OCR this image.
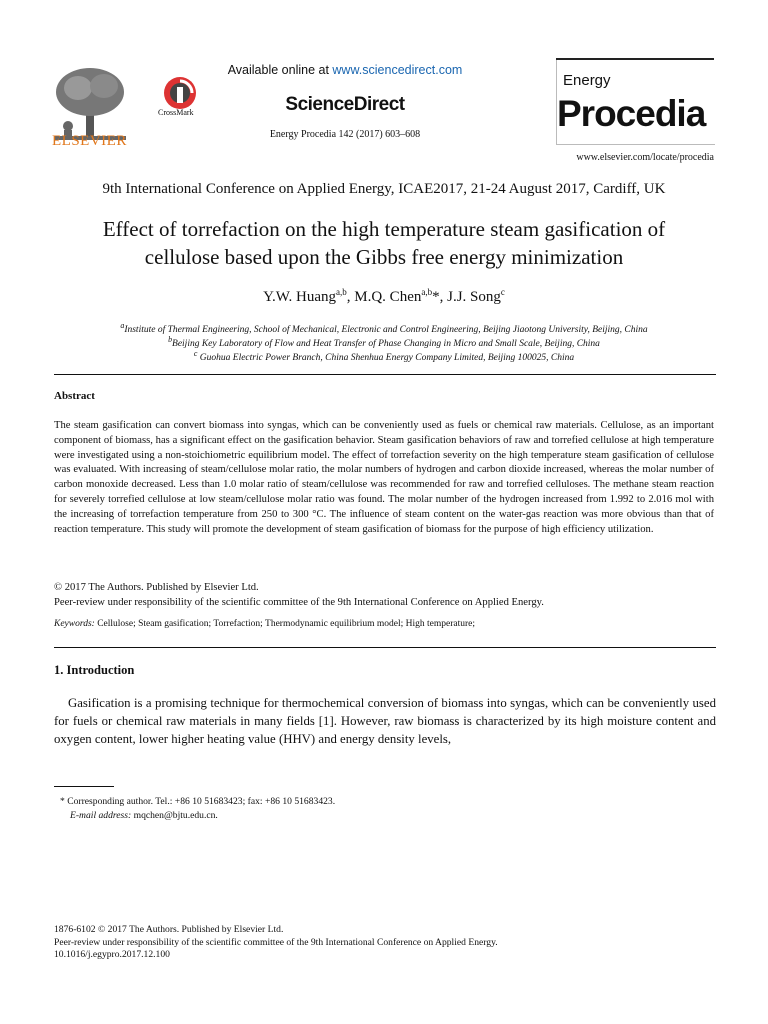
ELSEVIER
CrossMark
Available online at www.sciencedirect.com
ScienceDirect
Energy Procedia 142 (2017) 603–608
Energy
Procedia
www.elsevier.com/locate/procedia
9th International Conference on Applied Energy, ICAE2017, 21-24 August 2017, Cardiff, UK
Effect of torrefaction on the high temperature steam gasification of
cellulose based upon the Gibbs free energy minimization
Y.W. Huang$^{a,b}$, M.Q. Chen$^{a,b}$*, J.J. Song$^c$
$^a$Institute of Thermal Engineering, School of Mechanical, Electronic and Control Engineering, Beijing Jiaotong University, Beijing, China
$^b$Beijing Key Laboratory of Flow and Heat Transfer of Phase Changing in Micro and Small Scale, Beijing, China
$^c$ Guohua Electric Power Branch, China Shenhua Energy Company Limited, Beijing 100025, China
Abstract
The steam gasification can convert biomass into syngas, which can be conveniently used as fuels or chemical raw materials. Cellulose, as an important component of biomass, has a significant effect on the gasification behavior. Steam gasification behaviors of raw and torrefied cellulose at high temperature were investigated using a non-stoichiometric equilibrium model. The effect of torrefaction severity on the high temperature steam gasification of cellulose was evaluated. With increasing of steam/cellulose molar ratio, the molar numbers of hydrogen and carbon dioxide increased, whereas the molar number of carbon monoxide decreased. Less than 1.0 molar ratio of steam/cellulose was recommended for raw and torrefied celluloses. The methane steam reaction for severely torrefied cellulose at low steam/cellulose molar ratio was found. The molar number of the hydrogen increased from 1.992 to 2.016 mol with the increasing of torrefaction temperature from 250 to 300 °C. The influence of steam content on the water-gas reaction was more obvious than that of reaction temperature. This study will promote the development of steam gasification of biomass for the purpose of high efficiency utilization.
© 2017 The Authors. Published by Elsevier Ltd.
Peer-review under responsibility of the scientific committee of the 9th International Conference on Applied Energy.
Keywords: Cellulose; Steam gasification; Torrefaction; Thermodynamic equilibrium model; High temperature;
1. Introduction
Gasification is a promising technique for thermochemical conversion of biomass into syngas, which can be conveniently used for fuels or chemical raw materials in many fields [1]. However, raw biomass is characterized by its high moisture content and oxygen content, lower higher heating value (HHV) and energy density levels,
* Corresponding author. Tel.: +86 10 51683423; fax: +86 10 51683423.
E-mail address: mqchen@bjtu.edu.cn.
1876-6102 © 2017 The Authors. Published by Elsevier Ltd.
Peer-review under responsibility of the scientific committee of the 9th International Conference on Applied Energy.
10.1016/j.egypro.2017.12.100
